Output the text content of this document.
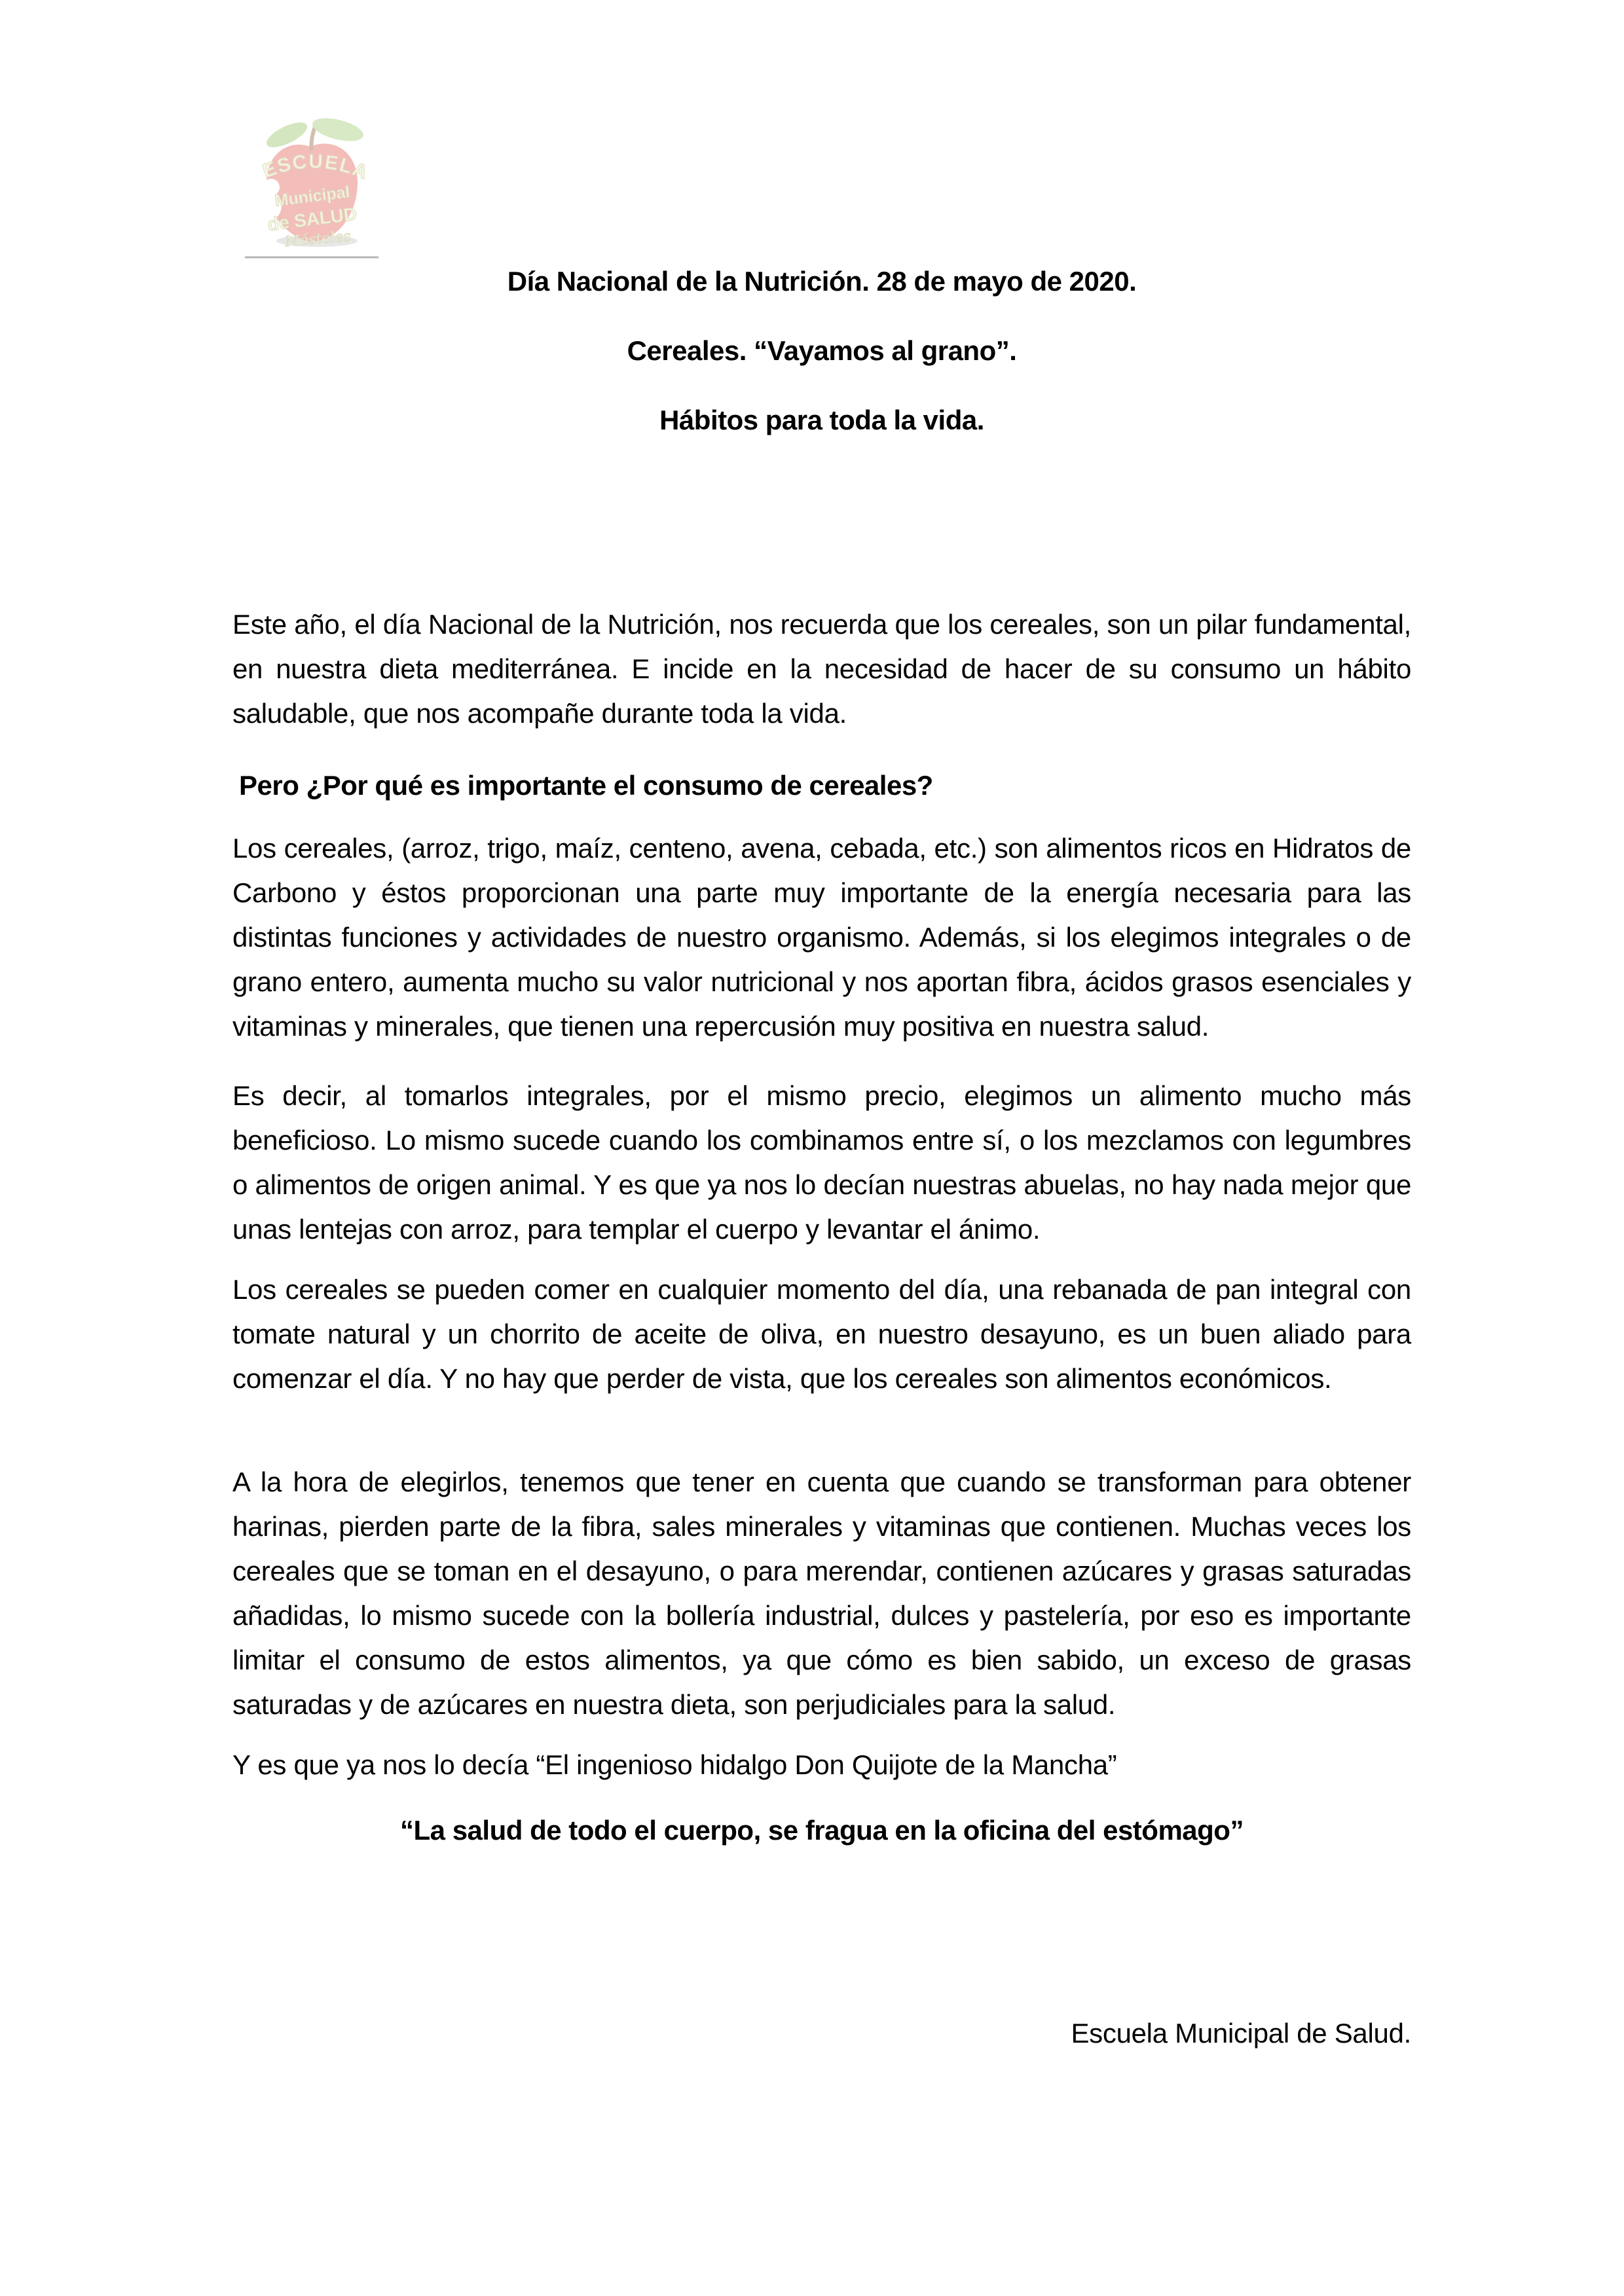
ESCUELA
Municipal
de SALUD
Móstoles
Día Nacional de la Nutrición. 28 de mayo de 2020.
Cereales. “Vayamos al grano”.
Hábitos para toda la vida.
Este año, el día Nacional de la Nutrición, nos recuerda que los cereales, son un pilar fundamental, en nuestra dieta mediterránea. E incide en la necesidad de hacer de su consumo un hábito saludable, que nos acompañe durante toda la vida.
Pero ¿Por qué es importante el consumo de cereales?
Los cereales, (arroz, trigo, maíz, centeno, avena, cebada, etc.) son alimentos ricos en Hidratos de Carbono y éstos proporcionan una parte muy importante de la energía necesaria para las distintas funciones y actividades de nuestro organismo. Además, si los elegimos integrales o de grano entero, aumenta mucho su valor nutricional y nos aportan fibra, ácidos grasos esenciales y vitaminas y minerales, que tienen una repercusión muy positiva en nuestra salud.
Es decir, al tomarlos integrales, por el mismo precio, elegimos un alimento mucho más beneficioso. Lo mismo sucede cuando los combinamos entre sí, o los mezclamos con legumbres o alimentos de origen animal. Y es que ya nos lo decían nuestras abuelas, no hay nada mejor que unas lentejas con arroz, para templar el cuerpo y levantar el ánimo.
Los cereales se pueden comer en cualquier momento del día, una rebanada de pan integral con tomate natural y un chorrito de aceite de oliva, en nuestro desayuno, es un buen aliado para comenzar el día. Y no hay que perder de vista, que los cereales son alimentos económicos.
A la hora de elegirlos, tenemos que tener en cuenta que cuando se transforman para obtener harinas, pierden parte de la fibra, sales minerales y vitaminas que contienen. Muchas veces los cereales que se toman en el desayuno, o para merendar, contienen azúcares y grasas saturadas añadidas, lo mismo sucede con la bollería industrial, dulces y pastelería, por eso es importante limitar el consumo de estos alimentos, ya que cómo es bien sabido, un exceso de grasas saturadas y de azúcares en nuestra dieta, son perjudiciales para la salud.
Y es que ya nos lo decía “El ingenioso hidalgo Don Quijote de la Mancha”
“La salud de todo el cuerpo, se fragua en la oficina del estómago”
Escuela Municipal de Salud.
